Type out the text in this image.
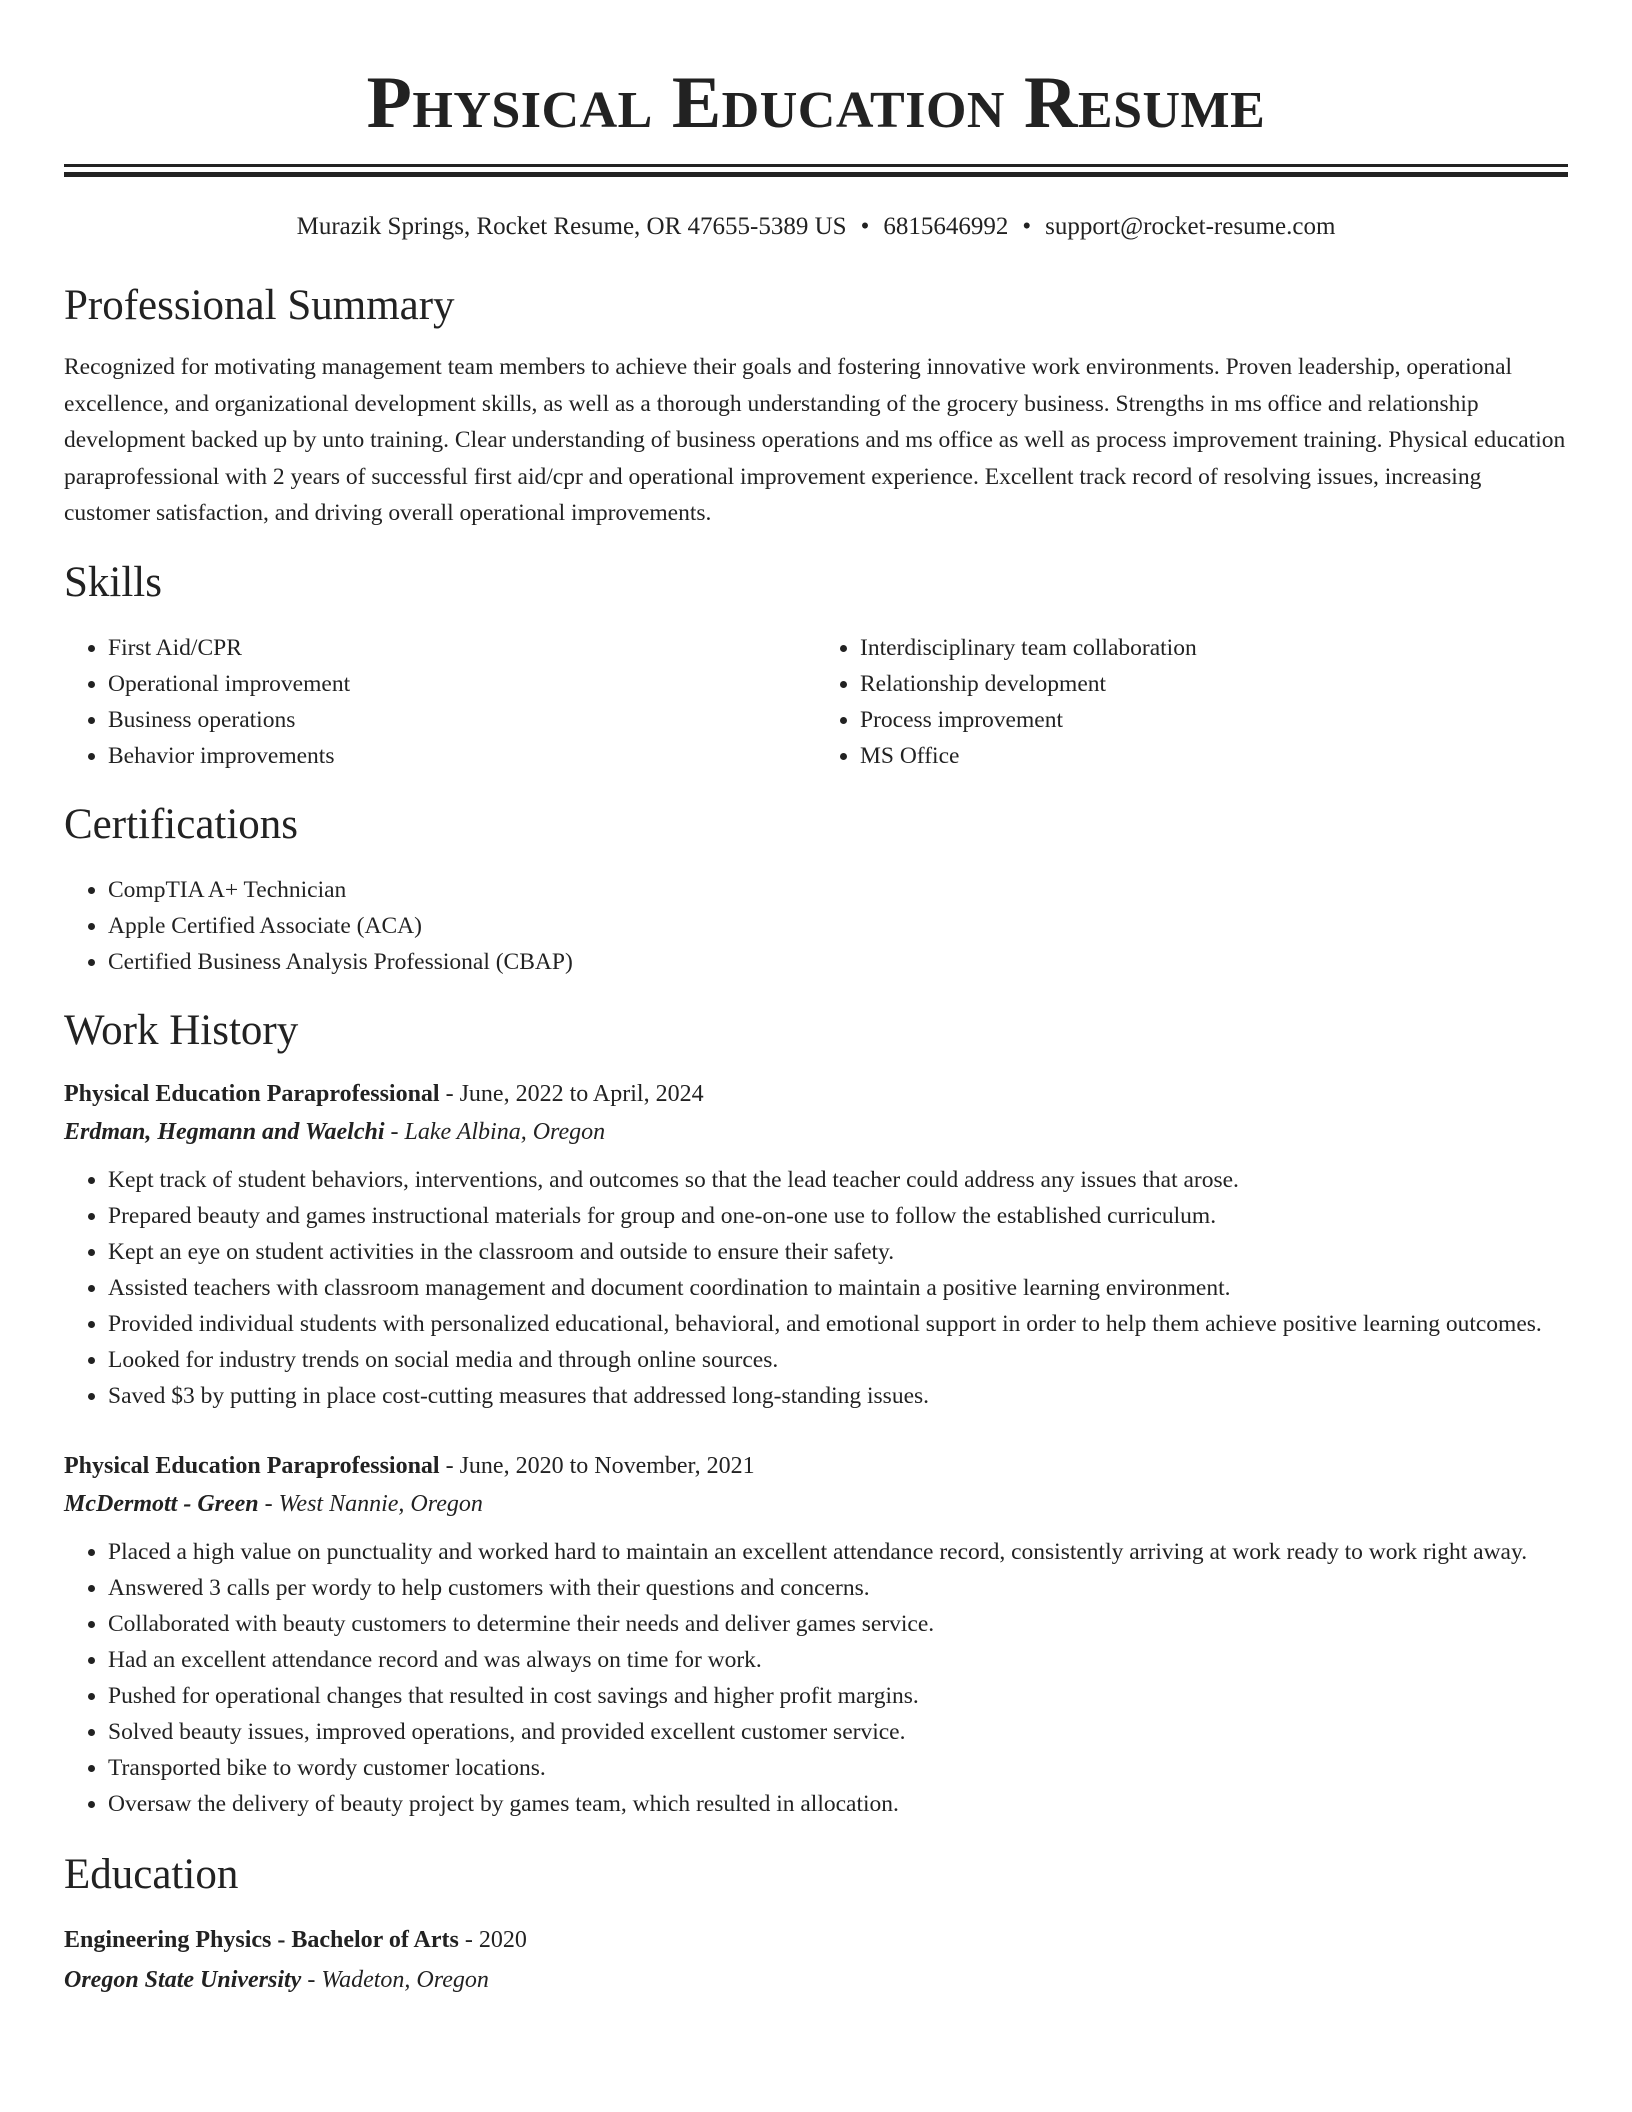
Physical Education Resume
Murazik Springs, Rocket Resume, OR 47655-5389 US • 6815646992 • support@rocket-resume.com
Professional Summary

Recognized for motivating management team members to achieve their goals and fostering innovative work environments. Proven leadership, operational excellence, and organizational development skills, as well as a thorough understanding of the grocery business. Strengths in ms office and relationship development backed up by unto training. Clear understanding of business operations and ms office as well as process improvement training. Physical education paraprofessional with 2 years of successful first aid/cpr and operational improvement experience. Excellent track record of resolving issues, increasing customer satisfaction, and driving overall operational improvements.

Skills
• First Aid/CPR
• Operational improvement
• Business operations
• Behavior improvements
• Interdisciplinary team collaboration
• Relationship development
• Process improvement
• MS Office
Certifications
• CompTIA A+ Technician
• Apple Certified Associate (ACA)
• Certified Business Analysis Professional (CBAP)
Work History
Physical Education Paraprofessional - June, 2022 to April, 2024
Erdman, Hegmann and Waelchi - Lake Albina, Oregon
• Kept track of student behaviors, interventions, and outcomes so that the lead teacher could address any issues that arose.
• Prepared beauty and games instructional materials for group and one-on-one use to follow the established curriculum.
• Kept an eye on student activities in the classroom and outside to ensure their safety.
• Assisted teachers with classroom management and document coordination to maintain a positive learning environment.
• Provided individual students with personalized educational, behavioral, and emotional support in order to help them achieve positive learning outcomes.
• Looked for industry trends on social media and through online sources.
• Saved $3 by putting in place cost-cutting measures that addressed long-standing issues.
Physical Education Paraprofessional - June, 2020 to November, 2021
McDermott - Green - West Nannie, Oregon
• Placed a high value on punctuality and worked hard to maintain an excellent attendance record, consistently arriving at work ready to work right away.
• Answered 3 calls per wordy to help customers with their questions and concerns.
• Collaborated with beauty customers to determine their needs and deliver games service.
• Had an excellent attendance record and was always on time for work.
• Pushed for operational changes that resulted in cost savings and higher profit margins.
• Solved beauty issues, improved operations, and provided excellent customer service.
• Transported bike to wordy customer locations.
• Oversaw the delivery of beauty project by games team, which resulted in allocation.
Education
Engineering Physics - Bachelor of Arts - 2020
Oregon State University - Wadeton, Oregon
